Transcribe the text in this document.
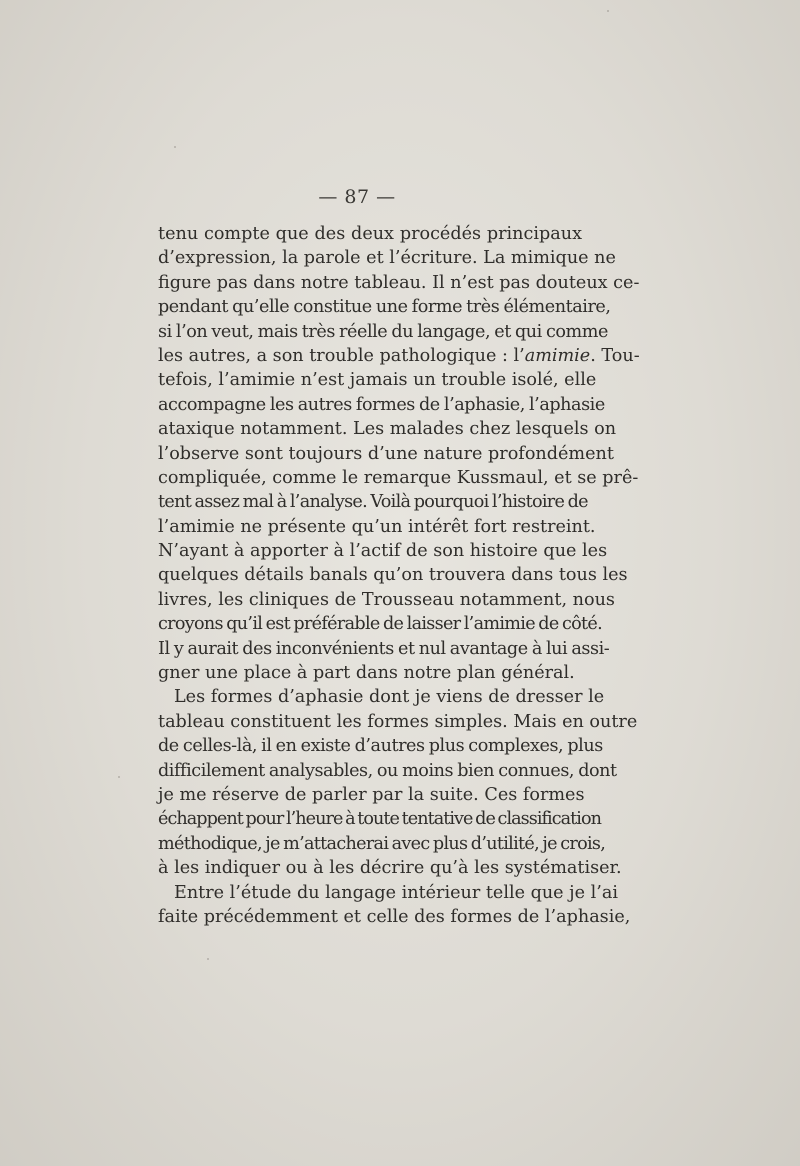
— 87 —
tenu compte que des deux procédés principaux
d’expression, la parole et l’écriture. La mimique ne
figure pas dans notre tableau. Il n’est pas douteux ce-
pendant qu’elle constitue une forme très élémentaire,
si l’on veut, mais très réelle du langage, et qui comme
les autres, a son trouble pathologique : l’amimie. Tou-
tefois, l’amimie n’est jamais un trouble isolé, elle
accompagne les autres formes de l’aphasie, l’aphasie
ataxique notamment. Les malades chez lesquels on
l’observe sont toujours d’une nature profondément
compliquée, comme le remarque Kussmaul, et se prê-
tent assez mal à l’analyse. Voilà pourquoi l’histoire de
l’amimie ne présente qu’un intérêt fort restreint.
N’ayant à apporter à l’actif de son histoire que les
quelques détails banals qu’on trouvera dans tous les
livres, les cliniques de Trousseau notamment, nous
croyons qu’il est préférable de laisser l’amimie de côté.
Il y aurait des inconvénients et nul avantage à lui assi-
gner une place à part dans notre plan général.
Les formes d’aphasie dont je viens de dresser le
tableau constituent les formes simples. Mais en outre
de celles-là, il en existe d’autres plus complexes, plus
difficilement analysables, ou moins bien connues, dont
je me réserve de parler par la suite. Ces formes
échappent pour l’heure à toute tentative de classification
méthodique, je m’attacherai avec plus d’utilité, je crois,
à les indiquer ou à les décrire qu’à les systématiser.
Entre l’étude du langage intérieur telle que je l’ai
faite précédemment et celle des formes de l’aphasie,
